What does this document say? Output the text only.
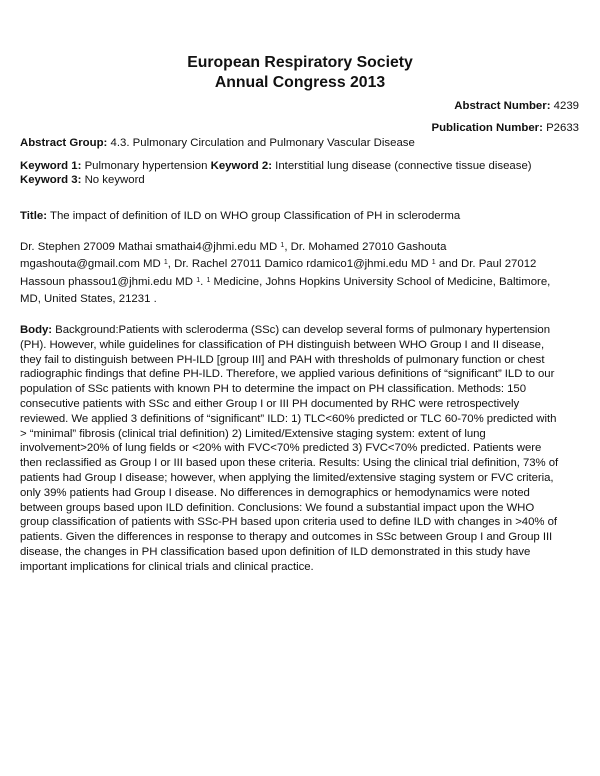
European Respiratory Society
Annual Congress 2013
Abstract Number: 4239
Publication Number: P2633
Abstract Group: 4.3. Pulmonary Circulation and Pulmonary Vascular Disease
Keyword 1: Pulmonary hypertension Keyword 2: Interstitial lung disease (connective tissue disease)
Keyword 3: No keyword
Title: The impact of definition of ILD on WHO group Classification of PH in scleroderma
Dr. Stephen 27009 Mathai smathai4@jhmi.edu MD $^1$, Dr. Mohamed 27010 Gashouta
mgashouta@gmail.com MD $^1$, Dr. Rachel 27011 Damico rdamico1@jhmi.edu MD $^1$ and Dr. Paul 27012
Hassoun phassou1@jhmi.edu MD $^1$. $^1$ Medicine, Johns Hopkins University School of Medicine, Baltimore,
MD, United States, 21231 .
Body: Background:Patients with scleroderma (SSc) can develop several forms of pulmonary hypertension
(PH). However, while guidelines for classification of PH distinguish between WHO Group I and II disease,
they fail to distinguish between PH-ILD [group III] and PAH with thresholds of pulmonary function or chest
radiographic findings that define PH-ILD. Therefore, we applied various definitions of “significant” ILD to our
population of SSc patients with known PH to determine the impact on PH classification. Methods: 150
consecutive patients with SSc and either Group I or III PH documented by RHC were retrospectively
reviewed. We applied 3 definitions of “significant” ILD: 1) TLC<60% predicted or TLC 60-70% predicted with
> “minimal” fibrosis (clinical trial definition) 2) Limited/Extensive staging system: extent of lung
involvement>20% of lung fields or <20% with FVC<70% predicted 3) FVC<70% predicted. Patients were
then reclassified as Group I or III based upon these criteria. Results: Using the clinical trial definition, 73% of
patients had Group I disease; however, when applying the limited/extensive staging system or FVC criteria,
only 39% patients had Group I disease. No differences in demographics or hemodynamics were noted
between groups based upon ILD definition. Conclusions: We found a substantial impact upon the WHO
group classification of patients with SSc-PH based upon criteria used to define ILD with changes in >40% of
patients. Given the differences in response to therapy and outcomes in SSc between Group I and Group III
disease, the changes in PH classification based upon definition of ILD demonstrated in this study have
important implications for clinical trials and clinical practice.
